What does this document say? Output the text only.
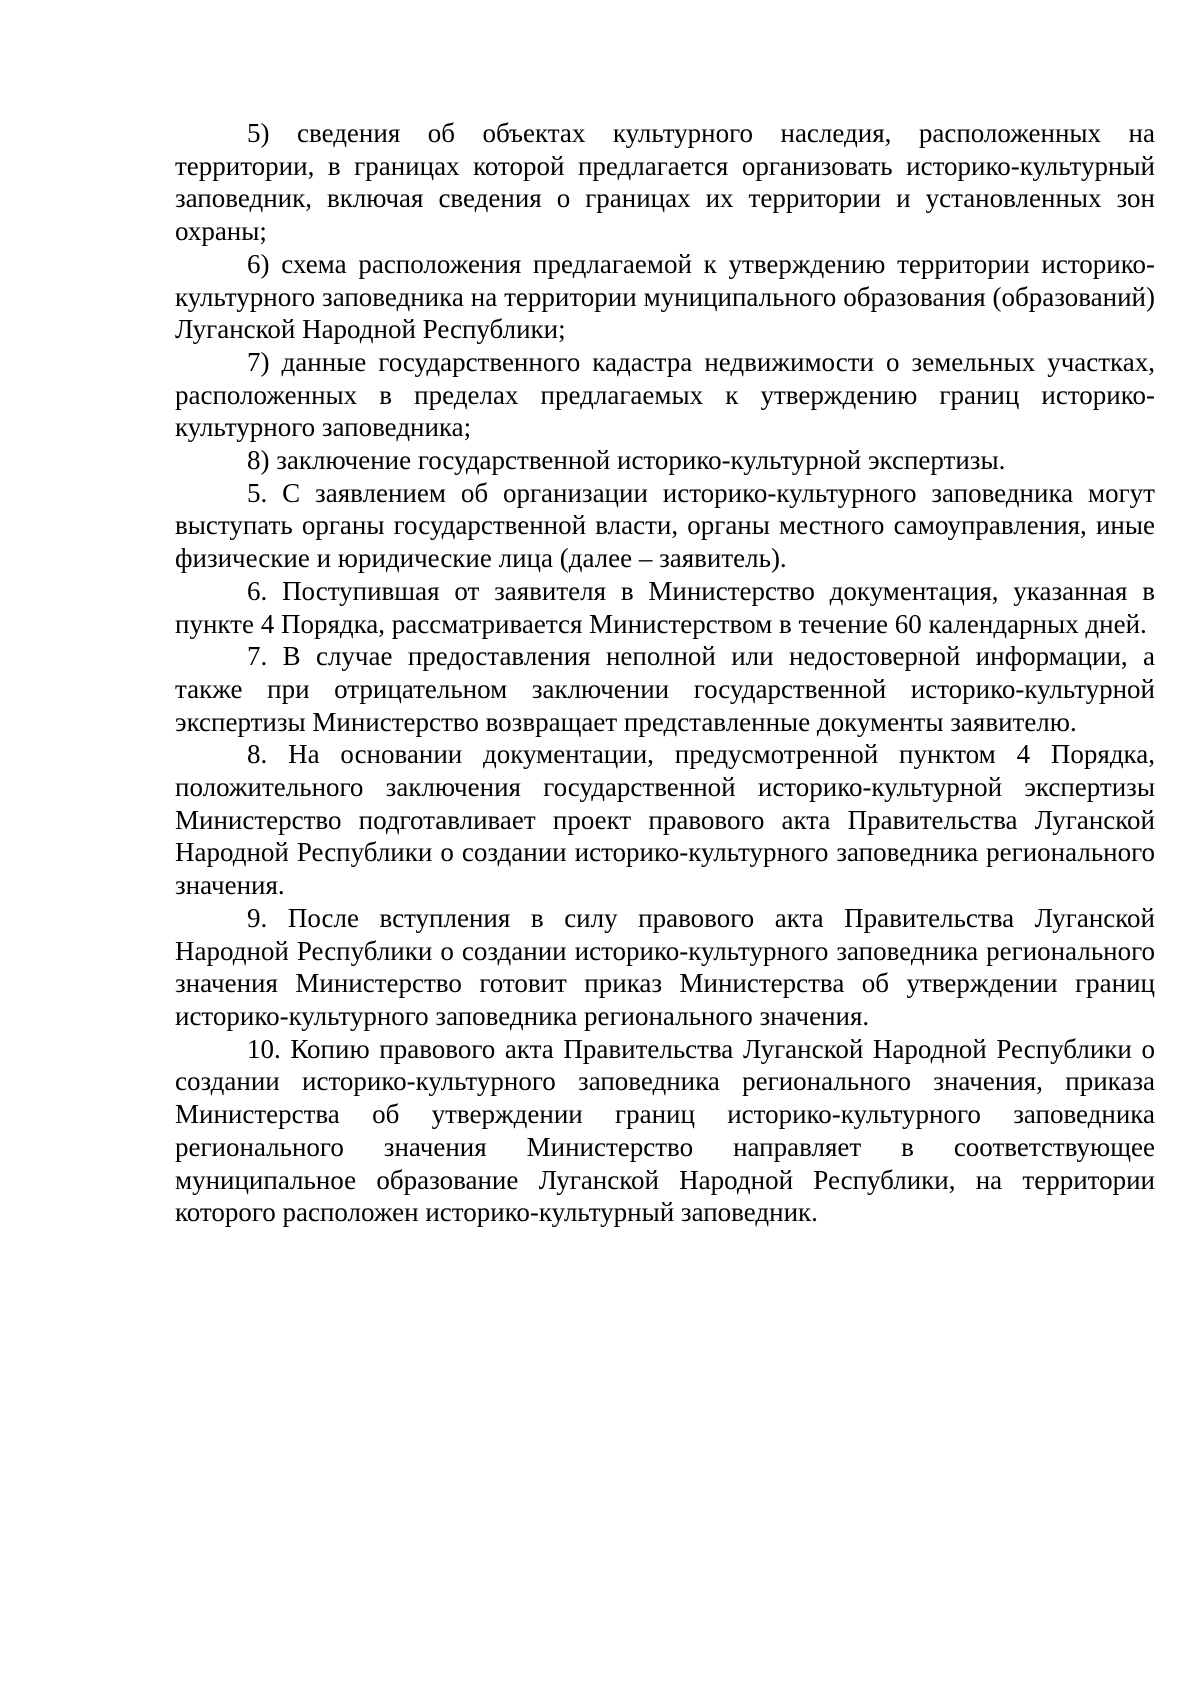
5) сведения об объектах культурного наследия, расположенных на территории, в границах которой предлагается организовать историко-культурный заповедник, включая сведения о границах их территории и установленных зон охраны;

6) схема расположения предлагаемой к утверждению территории историко-культурного заповедника на территории муниципального образования (образований) Луганской Народной Республики;

7) данные государственного кадастра недвижимости о земельных участках, расположенных в пределах предлагаемых к утверждению границ историко-культурного заповедника;

8) заключение государственной историко-культурной экспертизы.

5. С заявлением об организации историко-культурного заповедника могут выступать органы государственной власти, органы местного самоуправления, иные физические и юридические лица (далее – заявитель).

6. Поступившая от заявителя в Министерство документация, указанная в пункте 4 Порядка, рассматривается Министерством в течение 60 календарных дней.

7. В случае предоставления неполной или недостоверной информации, а также при отрицательном заключении государственной историко-культурной экспертизы Министерство возвращает представленные документы заявителю.

8. На основании документации, предусмотренной пунктом 4 Порядка, положительного заключения государственной историко-культурной экспертизы Министерство подготавливает проект правового акта Правительства Луганской Народной Республики о создании историко-культурного заповедника регионального значения.

9. После вступления в силу правового акта Правительства Луганской Народной Республики о создании историко-культурного заповедника регионального значения Министерство готовит приказ Министерства об утверждении границ историко-культурного заповедника регионального значения.

10. Копию правового акта Правительства Луганской Народной Республики о создании историко-культурного заповедника регионального значения, приказа Министерства об утверждении границ историко-культурного заповедника регионального значения Министерство направляет в соответствующее муниципальное образование Луганской Народной Республики, на территории которого расположен историко-культурный заповедник.
